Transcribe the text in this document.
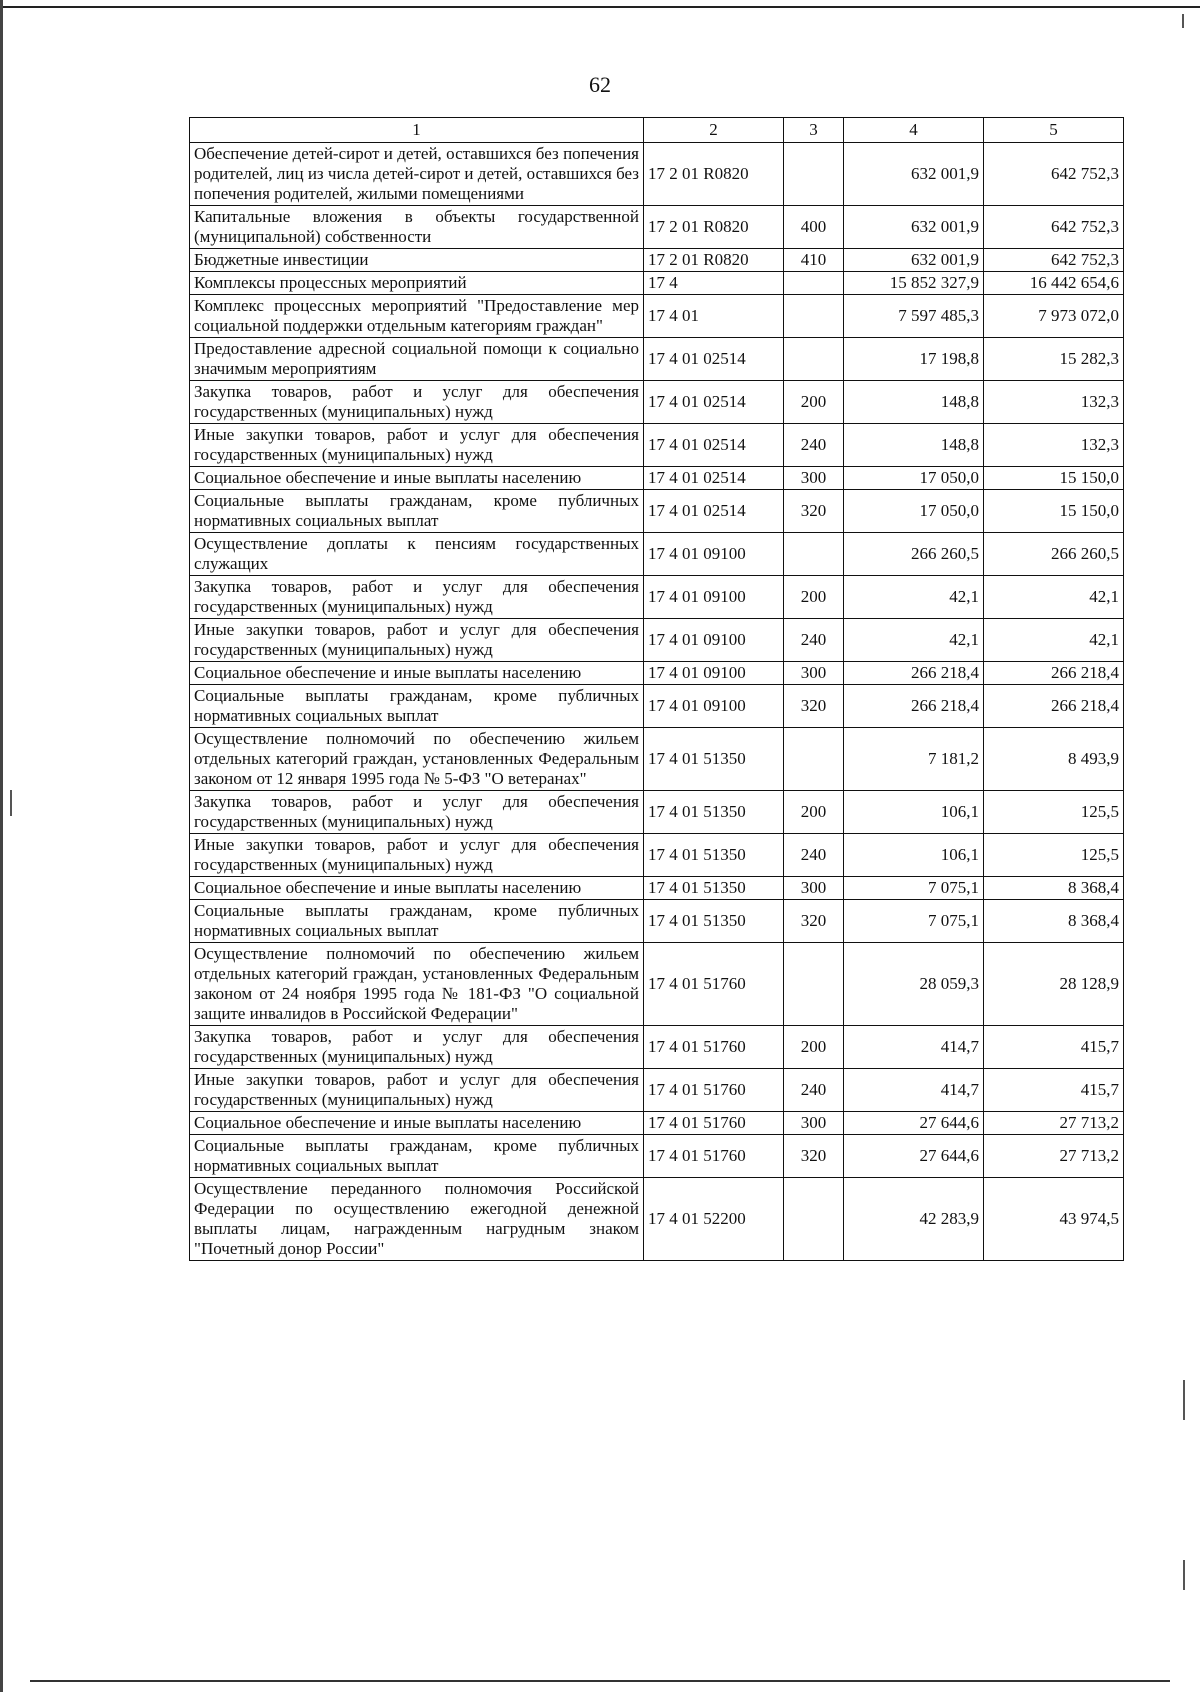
62
1	2	3	4	5
Обеспечение детей-сирот и детей, оставшихся без попечения родителей, лиц из числа детей-сирот и детей, оставшихся без попечения родителей, жилыми помещениями	17 2 01 R0820		632 001,9	642 752,3
Капитальные вложения в объекты государственной (муниципальной) собственности	17 2 01 R0820	400	632 001,9	642 752,3
Бюджетные инвестиции	17 2 01 R0820	410	632 001,9	642 752,3
Комплексы процессных мероприятий	17 4		15 852 327,9	16 442 654,6
Комплекс процессных мероприятий "Предоставление мер социальной поддержки отдельным категориям граждан"	17 4 01		7 597 485,3	7 973 072,0
Предоставление адресной социальной помощи к социально значимым мероприятиям	17 4 01 02514		17 198,8	15 282,3
Закупка товаров, работ и услуг для обеспечения государственных (муниципальных) нужд	17 4 01 02514	200	148,8	132,3
Иные закупки товаров, работ и услуг для обеспечения государственных (муниципальных) нужд	17 4 01 02514	240	148,8	132,3
Социальное обеспечение и иные выплаты населению	17 4 01 02514	300	17 050,0	15 150,0
Социальные выплаты гражданам, кроме публичных нормативных социальных выплат	17 4 01 02514	320	17 050,0	15 150,0
Осуществление доплаты к пенсиям государственных служащих	17 4 01 09100		266 260,5	266 260,5
Закупка товаров, работ и услуг для обеспечения государственных (муниципальных) нужд	17 4 01 09100	200	42,1	42,1
Иные закупки товаров, работ и услуг для обеспечения государственных (муниципальных) нужд	17 4 01 09100	240	42,1	42,1
Социальное обеспечение и иные выплаты населению	17 4 01 09100	300	266 218,4	266 218,4
Социальные выплаты гражданам, кроме публичных нормативных социальных выплат	17 4 01 09100	320	266 218,4	266 218,4
Осуществление полномочий по обеспечению жильем отдельных категорий граждан, установленных Федеральным законом от 12 января 1995 года № 5-ФЗ "О ветеранах"	17 4 01 51350		7 181,2	8 493,9
Закупка товаров, работ и услуг для обеспечения государственных (муниципальных) нужд	17 4 01 51350	200	106,1	125,5
Иные закупки товаров, работ и услуг для обеспечения государственных (муниципальных) нужд	17 4 01 51350	240	106,1	125,5
Социальное обеспечение и иные выплаты населению	17 4 01 51350	300	7 075,1	8 368,4
Социальные выплаты гражданам, кроме публичных нормативных социальных выплат	17 4 01 51350	320	7 075,1	8 368,4
Осуществление полномочий по обеспечению жильем отдельных категорий граждан, установленных Федеральным законом от 24 ноября 1995 года № 181-ФЗ "О социальной защите инвалидов в Российской Федерации"	17 4 01 51760		28 059,3	28 128,9
Закупка товаров, работ и услуг для обеспечения государственных (муниципальных) нужд	17 4 01 51760	200	414,7	415,7
Иные закупки товаров, работ и услуг для обеспечения государственных (муниципальных) нужд	17 4 01 51760	240	414,7	415,7
Социальное обеспечение и иные выплаты населению	17 4 01 51760	300	27 644,6	27 713,2
Социальные выплаты гражданам, кроме публичных нормативных социальных выплат	17 4 01 51760	320	27 644,6	27 713,2
Осуществление переданного полномочия Российской Федерации по осуществлению ежегодной денежной выплаты лицам, награжденным нагрудным знаком "Почетный донор России"	17 4 01 52200		42 283,9	43 974,5
